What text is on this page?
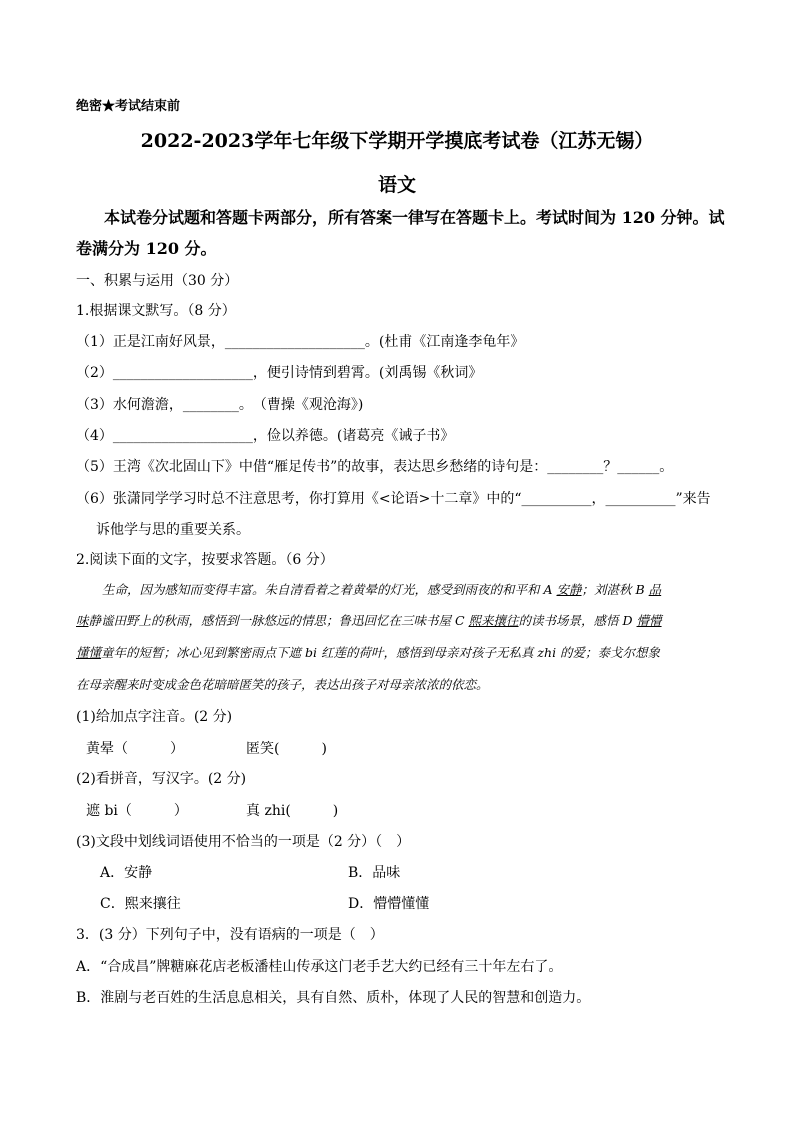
绝密★考试结束前
2022-2023学年七年级下学期开学摸底考试卷（江苏无锡）
语文
本试卷分试题和答题卡两部分，所有答案一律写在答题卡上。考试时间为 120 分钟。试
卷满分为 120 分。
一、积累与运用（30 分）
1.根据课文默写。（8 分）
（1）正是江南好风景，____________________。(杜甫《江南逢李龟年》
（2）____________________，便引诗情到碧霄。(刘禹锡《秋词》
（3）水何澹澹，________。　（曹操《观沧海》)
（4）____________________，俭以养德。(诸葛亮《诫子书》
（5）王湾《次北固山下》中借“雁足传书”的故事，表达思乡愁绪的诗句是：________？______。
（6）张潇同学学习时总不注意思考，你打算用《<论语>十二章》中的“__________，__________”来告
诉他学与思的重要关系。
2.阅读下面的文字，按要求答题。（6 分）
生命，因为感知而变得丰富。朱自清看着之着黄晕的灯光，感受到雨夜的和平和 A 安静；刘湛秋 B 品
味静谧田野上的秋雨，感悟到一脉悠远的情思；鲁迅回忆在三味书屋 C 熙来攘往的读书场景，感悟 D 懵懵
懂懂童年的短暂；冰心见到繁密雨点下遮 bi 红莲的荷叶，感悟到母亲对孩子无私真 zhi 的爱；泰戈尔想象
在母亲醒来时变成金色花暗暗匿笑的孩子，表达出孩子对母亲浓浓的依恋。
(1)给加点字注音。(2 分)
黄晕（　　　）	匿笑(　　　)
(2)看拼音，写汉字。(2 分)
遮 bi（　　　）	真 zhi(　　　)
(3)文段中划线词语使用不恰当的一项是（2 分）（　）
A．安静	B．品味
C．熙来攘往	D．懵懵懂懂
3．(3 分）下列句子中，没有语病的一项是（　）
A．“合成昌”牌糖麻花店老板潘桂山传承这门老手艺大约已经有三十年左右了。
B．淮剧与老百姓的生活息息相关，具有自然、质朴，体现了人民的智慧和创造力。
